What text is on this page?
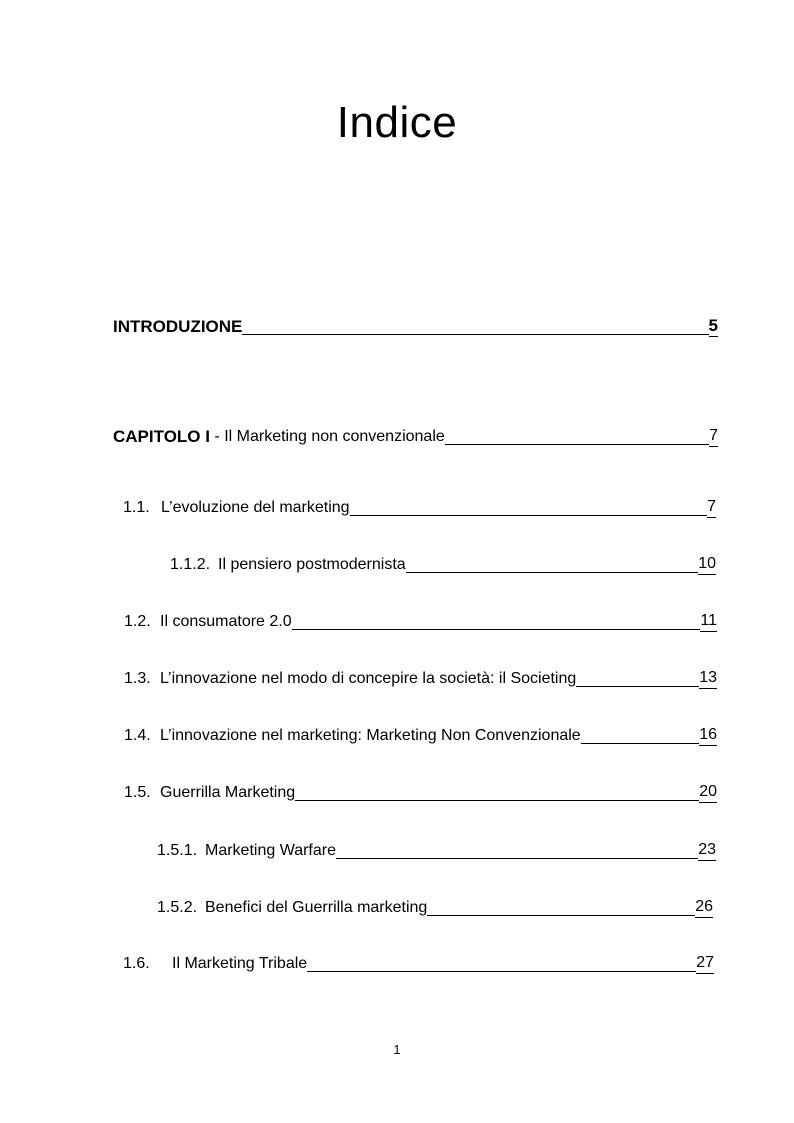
Indice
INTRODUZIONE	5
CAPITOLO I - Il Marketing non convenzionale	7
1.1. L’evoluzione del marketing	7
1.1.2. Il pensiero postmodernista	10
1.2. Il consumatore 2.0	11
1.3. L’innovazione nel modo di concepire la società: il Societing	13
1.4. L’innovazione nel marketing: Marketing Non Convenzionale	16
1.5. Guerrilla Marketing	20
1.5.1. Marketing Warfare	23
1.5.2. Benefici del Guerrilla marketing	26
1.6.	Il Marketing Tribale	27
1
